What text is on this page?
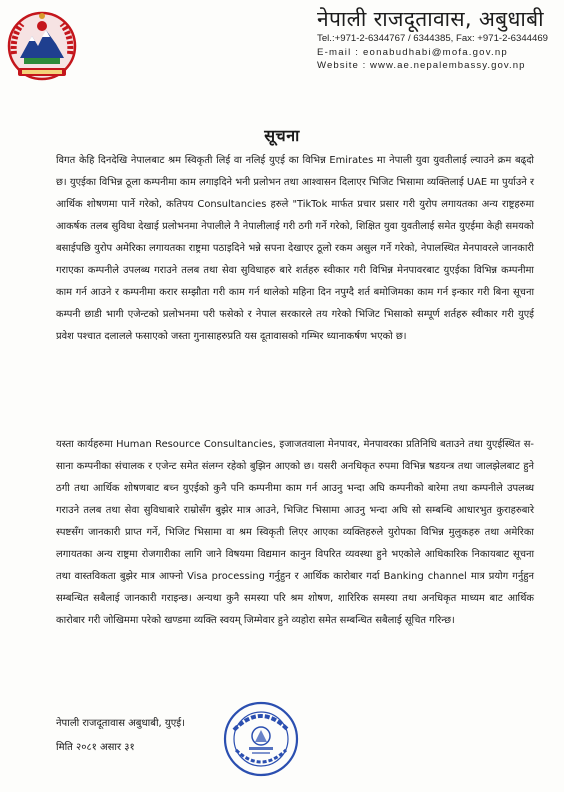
नेपाली राजदूतावास, अबुधाबी
Tel.:+971-2-6344767 / 6344385, Fax: +971-2-6344469
E-mail : eonabudhabi@mofa.gov.np
Website : www.ae.nepalembassy.gov.np
सूचना

विगत केहि दिनदेखि नेपालबाट श्रम स्विकृती लिई वा नलिई युएई का विभिन्न Emirates मा नेपाली युवा युवतीलाई ल्याउने क्रम बढ्दो छ। युएईका विभिन्न ठूला कम्पनीमा काम लगाइदिने भनी प्रलोभन तथा आश्वासन दिलाएर भिजिट भिसामा व्यक्तिलाई UAE मा पुर्याउने र आर्थिक शोषणमा पार्ने गरेको, कतिपय Consultancies हरुले "TikTok मार्फत प्रचार प्रसार गरी युरोप लगायतका अन्य राष्ट्रहरुमा आकर्षक तलब सुविधा देखाई प्रलोभनमा नेपालीले नै नेपालीलाई गरी ठगी गर्ने गरेको, शिक्षित युवा युवतीलाई समेत युएईमा केही समयको बसाईपछि युरोप अमेरिका लगायतका राष्ट्रमा पठाइदिने भन्ने सपना देखाएर ठूलो रकम असुल गर्ने गरेको, नेपालस्थित मेनपावरले जानकारी गराएका कम्पनीले उपलब्ध गराउने तलब तथा सेवा सुविधाहरु बारे शर्तहरु स्वीकार गरी विभिन्न मेनपावरबाट युएईका विभिन्न कम्पनीमा काम गर्न आउने र कम्पनीमा करार सम्झौता गरी काम गर्न थालेको महिना दिन नपुग्दै शर्त बमोजिमका काम गर्न इन्कार गरी बिना सूचना कम्पनी छाडी भागी एजेन्टको प्रलोभनमा परी फसेको र नेपाल सरकारले तय गरेको भिजिट भिसाको सम्पूर्ण शर्तहरु स्वीकार गरी युएई प्रवेश पश्चात दलालले फसाएको जस्ता गुनासाहरुप्रति यस दूतावासको गम्भिर ध्यानाकर्षण भएको छ।

यस्ता कार्यहरुमा Human Resource Consultancies, इजाजतवाला मेनपावर, मेनपावरका प्रतिनिधि बताउने तथा युएईस्थित स-साना कम्पनीका संचालक र एजेन्ट समेत संलग्न रहेको बुझिन आएको छ। यसरी अनधिकृत रुपमा विभिन्न षडयन्त्र तथा जालझेलबाट हुने ठगी तथा आर्थिक शोषणबाट बच्न युएईको कुनै पनि कम्पनीमा काम गर्न आउनु भन्दा अघि कम्पनीको बारेमा तथा कम्पनीले उपलब्ध गराउने तलब तथा सेवा सुविधाबारे राम्रोसँग बुझेर मात्र आउने, भिजिट भिसामा आउनु भन्दा अघि सो सम्बन्धि आधारभुत कुराहरुबारे स्पष्टसँग जानकारी प्राप्त गर्ने, भिजिट भिसामा वा श्रम स्विकृती लिएर आएका व्यक्तिहरुले युरोपका विभिन्न मुलुकहरु तथा अमेरिका लगायतका अन्य राष्ट्रमा रोजगारीका लागि जाने विषयमा विद्यमान कानुन विपरित व्यवस्था हुने भएकोले आधिकारिक निकायबाट सूचना तथा वास्तविकता बुझेर मात्र आफ्नो Visa processing गर्नुहुन र आर्थिक कारोबार गर्दा Banking channel मात्र प्रयोग गर्नुहुन सम्बन्धित सबैलाई जानकारी गराइन्छ। अन्यथा कुनै समस्या परि श्रम शोषण, शारिरिक समस्या तथा अनधिकृत माध्यम बाट आर्थिक कारोबार गरी जोखिममा परेको खण्डमा व्यक्ति स्वयम् जिम्मेवार हुने व्यहोरा समेत सम्बन्धित सबैलाई सूचित गरिन्छ।

नेपाली राजदूतावास अबुधाबी, युएई।
मिति २०८१ असार ३१
